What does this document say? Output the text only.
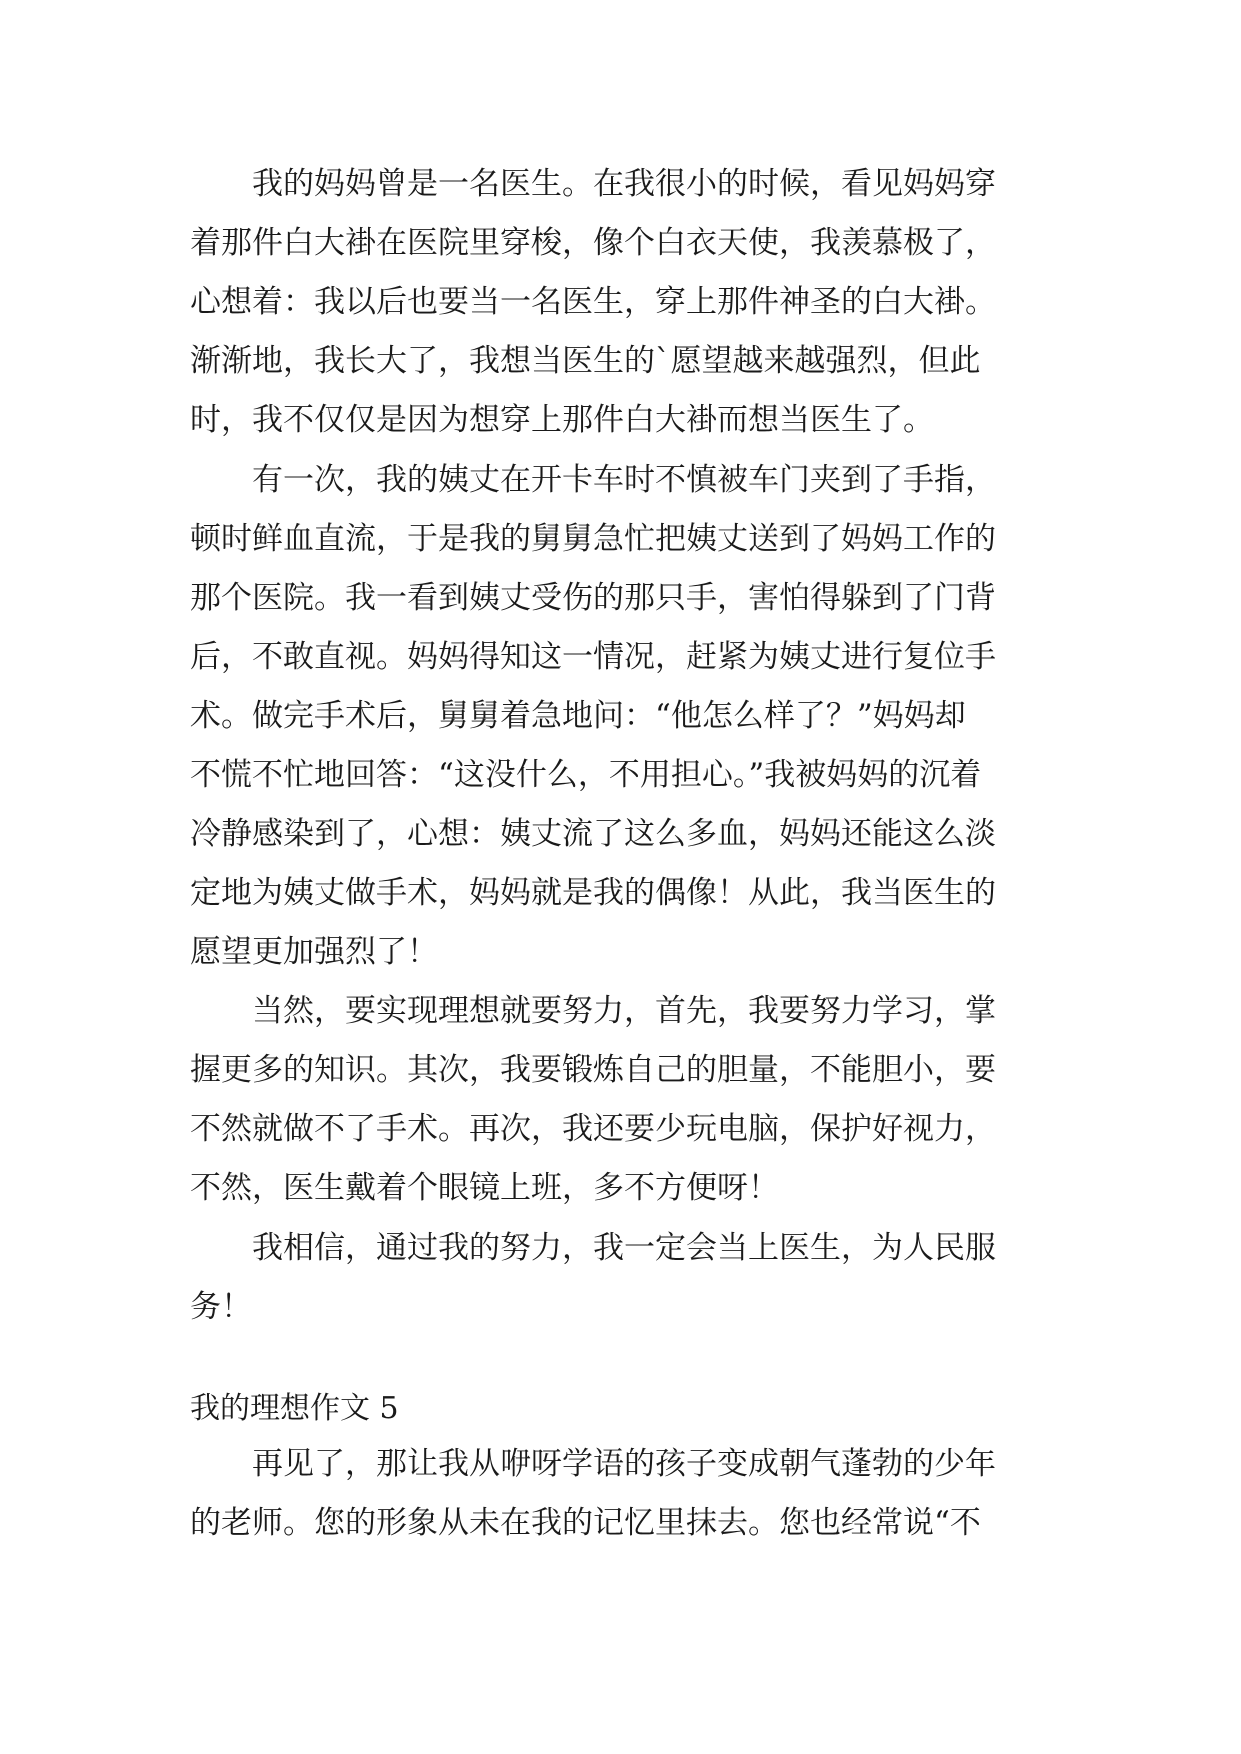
　　我的妈妈曾是一名医生。在我很小的时候，看见妈妈穿
着那件白大褂在医院里穿梭，像个白衣天使，我羡慕极了，
心想着：我以后也要当一名医生，穿上那件神圣的白大褂。
渐渐地，我长大了，我想当医生的`愿望越来越强烈，但此
时，我不仅仅是因为想穿上那件白大褂而想当医生了。
　　有一次，我的姨丈在开卡车时不慎被车门夹到了手指，
顿时鲜血直流，于是我的舅舅急忙把姨丈送到了妈妈工作的
那个医院。我一看到姨丈受伤的那只手，害怕得躲到了门背
后，不敢直视。妈妈得知这一情况，赶紧为姨丈进行复位手
术。做完手术后，舅舅着急地问：“他怎么样了？”妈妈却
不慌不忙地回答：“这没什么，不用担心。”我被妈妈的沉着
冷静感染到了，心想：姨丈流了这么多血，妈妈还能这么淡
定地为姨丈做手术，妈妈就是我的偶像！从此，我当医生的
愿望更加强烈了！
　　当然，要实现理想就要努力，首先，我要努力学习，掌
握更多的知识。其次，我要锻炼自己的胆量，不能胆小，要
不然就做不了手术。再次，我还要少玩电脑，保护好视力，
不然，医生戴着个眼镜上班，多不方便呀！
　　我相信，通过我的努力，我一定会当上医生，为人民服
务！
我的理想作文 5
　　再见了，那让我从咿呀学语的孩子变成朝气蓬勃的少年
的老师。您的形象从未在我的记忆里抹去。您也经常说“不
